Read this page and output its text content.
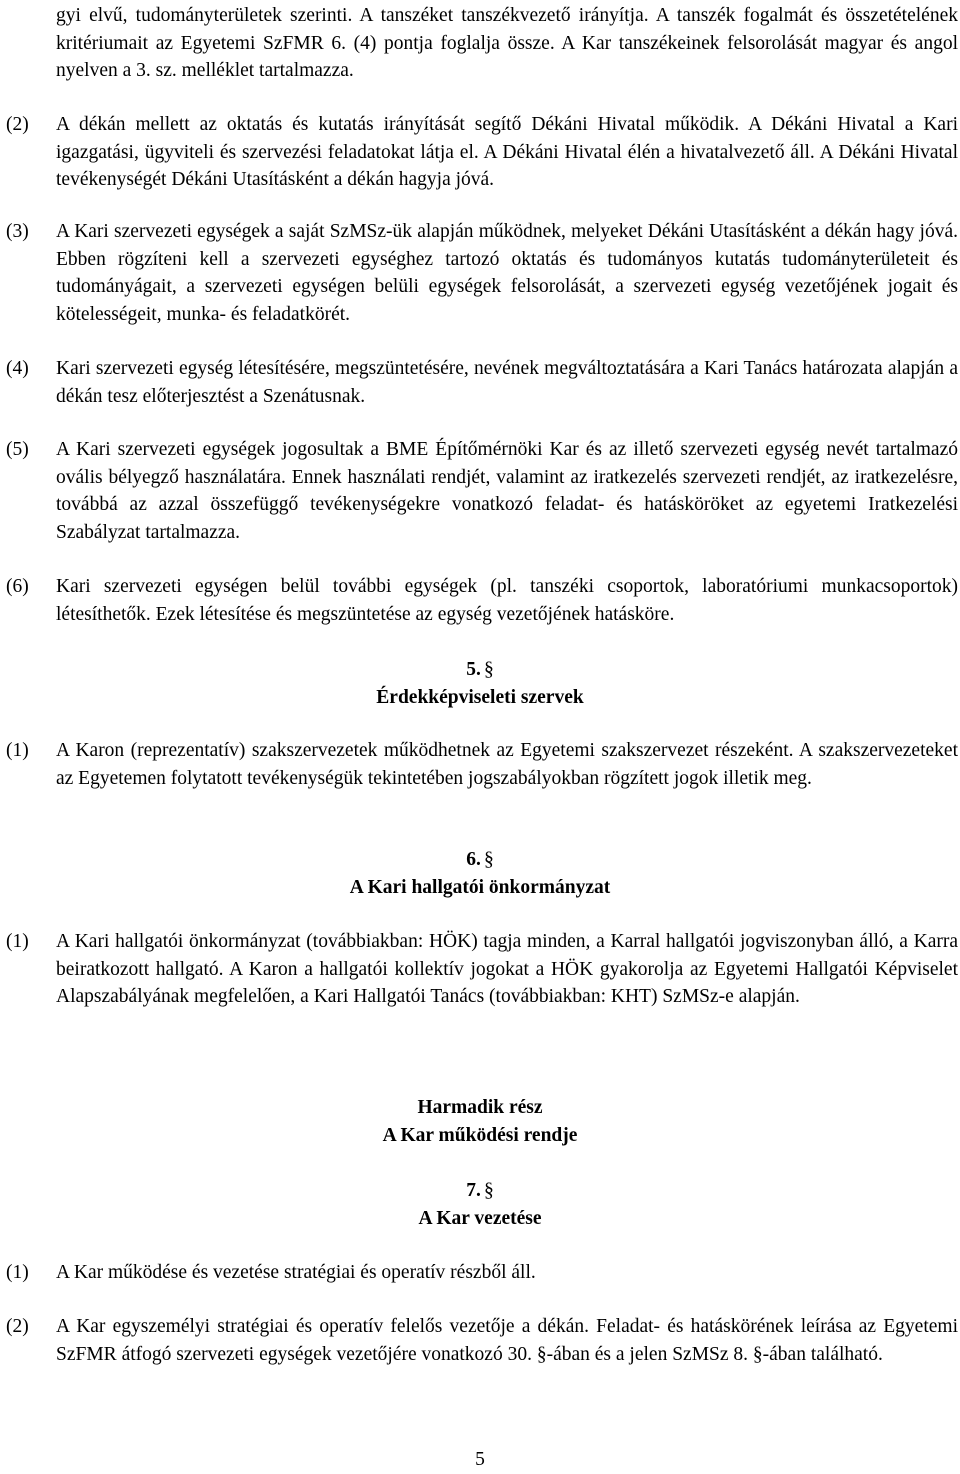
gyi elvű, tudományterületek szerinti. A tanszéket tanszékvezető irányítja. A tanszék fogalmát és összetételének kritériumait az Egyetemi SzFMR 6. (4) pontja foglalja össze. A Kar tanszékeinek felsorolását magyar és angol nyelven a 3. sz. melléklet tartalmazza.

(2) A dékán mellett az oktatás és kutatás irányítását segítő Dékáni Hivatal működik. A Dékáni Hivatal a Kari igazgatási, ügyviteli és szervezési feladatokat látja el. A Dékáni Hivatal élén a hivatalvezető áll. A Dékáni Hivatal tevékenységét Dékáni Utasításként a dékán hagyja jóvá.

(3) A Kari szervezeti egységek a saját SzMSz-ük alapján működnek, melyeket Dékáni Utasításként a dékán hagy jóvá. Ebben rögzíteni kell a szervezeti egységhez tartozó oktatás és tudományos kutatás tudományterületeit és tudományágait, a szervezeti egységen belüli egységek felsorolását, a szervezeti egység vezetőjének jogait és kötelességeit, munka- és feladatkörét.

(4) Kari szervezeti egység létesítésére, megszüntetésére, nevének megváltoztatására a Kari Tanács határozata alapján a dékán tesz előterjesztést a Szenátusnak.

(5) A Kari szervezeti egységek jogosultak a BME Építőmérnöki Kar és az illető szervezeti egység nevét tartalmazó ovális bélyegző használatára. Ennek használati rendjét, valamint az iratkezelés szervezeti rendjét, az iratkezelésre, továbbá az azzal összefüggő tevékenységekre vonatkozó feladat- és hatásköröket az egyetemi Iratkezelési Szabályzat tartalmazza.

(6) Kari szervezeti egységen belül további egységek (pl. tanszéki csoportok, laboratóriumi munkacsoportok) létesíthetők. Ezek létesítése és megszüntetése az egység vezetőjének hatásköre.

5. §

Érdekképviseleti szervek

(1) A Karon (reprezentatív) szakszervezetek működhetnek az Egyetemi szakszervezet részeként. A szakszervezeteket az Egyetemen folytatott tevékenységük tekintetében jogszabályokban rögzített jogok illetik meg.

6. §

A Kari hallgatói önkormányzat

(1) A Kari hallgatói önkormányzat (továbbiakban: HÖK) tagja minden, a Karral hallgatói jogviszonyban álló, a Karra beiratkozott hallgató. A Karon a hallgatói kollektív jogokat a HÖK gyakorolja az Egyetemi Hallgatói Képviselet Alapszabályának megfelelően, a Kari Hallgatói Tanács (továbbiakban: KHT) SzMSz-e alapján.

Harmadik rész

A Kar működési rendje

7. §

A Kar vezetése

(1) A Kar működése és vezetése stratégiai és operatív részből áll.

(2) A Kar egyszemélyi stratégiai és operatív felelős vezetője a dékán. Feladat- és hatáskörének leírása az Egyetemi SzFMR átfogó szervezeti egységek vezetőjére vonatkozó 30. §-ában és a jelen SzMSz 8. §-ában található.

5
